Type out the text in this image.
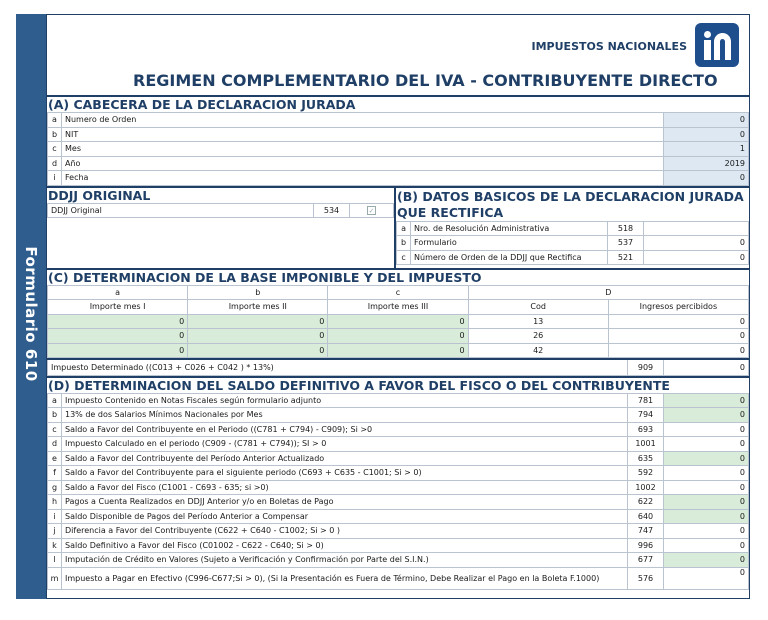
Formulario 610
IMPUESTOS NACIONALES
REGIMEN COMPLEMENTARIO DEL IVA - CONTRIBUYENTE DIRECTO
(A) CABECERA DE LA DECLARACION JURADA
a	Numero de Orden	0
b	NIT	0
c	Mes	1
d	Año	2019
i	Fecha	0
DDJJ ORIGINAL
DDJJ Original	534	✓
(B) DATOS BASICOS DE LA DECLARACION JURADA
QUE RECTIFICA
a	Nro. de Resolución Administrativa	518	
b	Formulario	537	0
c	Número de Orden de la DDJJ que Rectifica	521	0
(C) DETERMINACION DE LA BASE IMPONIBLE Y DEL IMPUESTO
a	b	c	D	
Importe mes I	Importe mes II	Importe mes III	Cod	Ingresos percibidos
0	0	0	13	0
0	0	0	26	0
0	0	0	42	0
Impuesto Determinado ((C013 + C026 + C042 ) * 13%)	909	0
(D) DETERMINACION DEL SALDO DEFINITIVO A FAVOR DEL FISCO O DEL CONTRIBUYENTE
a	Impuesto Contenido en Notas Fiscales según formulario adjunto	781	0
b	13% de dos Salarios Mínimos Nacionales por Mes	794	0
c	Saldo a Favor del Contribuyente en el Periodo ((C781 + C794) - C909); Si >0	693	0
d	Impuesto Calculado en el periodo (C909 - (C781 + C794)); SI > 0	1001	0
e	Saldo a Favor del Contribuyente del Período Anterior Actualizado	635	0
f	Saldo a Favor del Contribuyente para el siguiente periodo (C693 + C635 - C1001; Si > 0)	592	0
g	Saldo a Favor del Fisco (C1001 - C693 - 635; si >0)	1002	0
h	Pagos a Cuenta Realizados en DDJJ Anterior y/o en Boletas de Pago	622	0
i	Saldo Disponible de Pagos del Período Anterior a Compensar	640	0
j	Diferencia a Favor del Contribuyente (C622 + C640 - C1002; Si > 0 )	747	0
k	Saldo Definitivo a Favor del Fisco (C01002 - C622 - C640; Si > 0)	996	0
l	Imputación de Crédito en Valores (Sujeto a Verificación y Confirmación por Parte del S.I.N.)	677	0
m	Impuesto a Pagar en Efectivo (C996-C677;Si > 0), (Si la Presentación es Fuera de Término, Debe Realizar el Pago en la Boleta F.1000)	576	0
